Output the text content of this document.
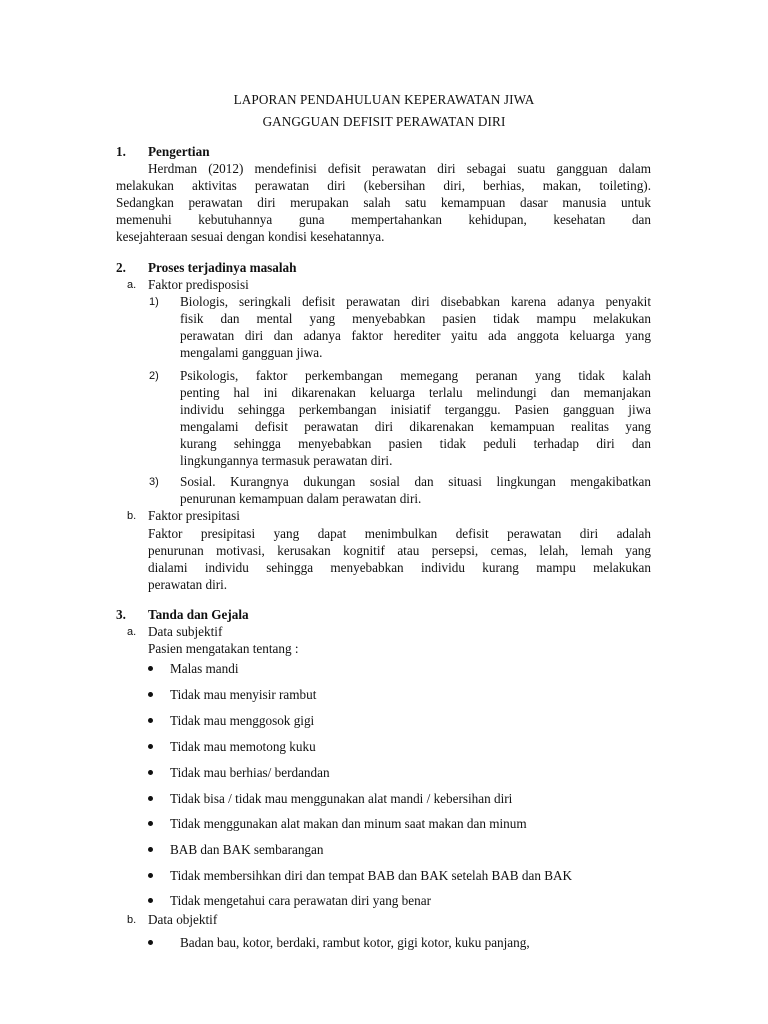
LAPORAN PENDAHULUAN KEPERAWATAN JIWA
GANGGUAN DEFISIT PERAWATAN DIRI
1. Pengertian
Herdman (2012) mendefinisi defisit perawatan diri sebagai suatu gangguan dalam
melakukan aktivitas perawatan diri (kebersihan diri, berhias, makan, toileting).
Sedangkan perawatan diri merupakan salah satu kemampuan dasar manusia untuk
memenuhi kebutuhannya guna mempertahankan kehidupan, kesehatan dan
kesejahteraan sesuai dengan kondisi kesehatannya.
2. Proses terjadinya masalah
a. Faktor predisposisi
1) Biologis, seringkali defisit perawatan diri disebabkan karena adanya penyakit
fisik dan mental yang menyebabkan pasien tidak mampu melakukan
perawatan diri dan adanya faktor herediter yaitu ada anggota keluarga yang
mengalami gangguan jiwa.
2) Psikologis, faktor perkembangan memegang peranan yang tidak kalah
penting hal ini dikarenakan keluarga terlalu melindungi dan memanjakan
individu sehingga perkembangan inisiatif terganggu. Pasien gangguan jiwa
mengalami defisit perawatan diri dikarenakan kemampuan realitas yang
kurang sehingga menyebabkan pasien tidak peduli terhadap diri dan
lingkungannya termasuk perawatan diri.
3) Sosial. Kurangnya dukungan sosial dan situasi lingkungan mengakibatkan
penurunan kemampuan dalam perawatan diri.
b. Faktor presipitasi
Faktor presipitasi yang dapat menimbulkan defisit perawatan diri adalah
penurunan motivasi, kerusakan kognitif atau persepsi, cemas, lelah, lemah yang
dialami individu sehingga menyebabkan individu kurang mampu melakukan
perawatan diri.
3. Tanda dan Gejala
a. Data subjektif
Pasien mengatakan tentang :
Malas mandi
Tidak mau menyisir rambut
Tidak mau menggosok gigi
Tidak mau memotong kuku
Tidak mau berhias/ berdandan
Tidak bisa / tidak mau menggunakan alat mandi / kebersihan diri
Tidak menggunakan alat makan dan minum saat makan dan minum
BAB dan BAK sembarangan
Tidak membersihkan diri dan tempat BAB dan BAK setelah BAB dan BAK
Tidak mengetahui cara perawatan diri yang benar
b. Data objektif
Badan bau, kotor, berdaki, rambut kotor, gigi kotor, kuku panjang,
